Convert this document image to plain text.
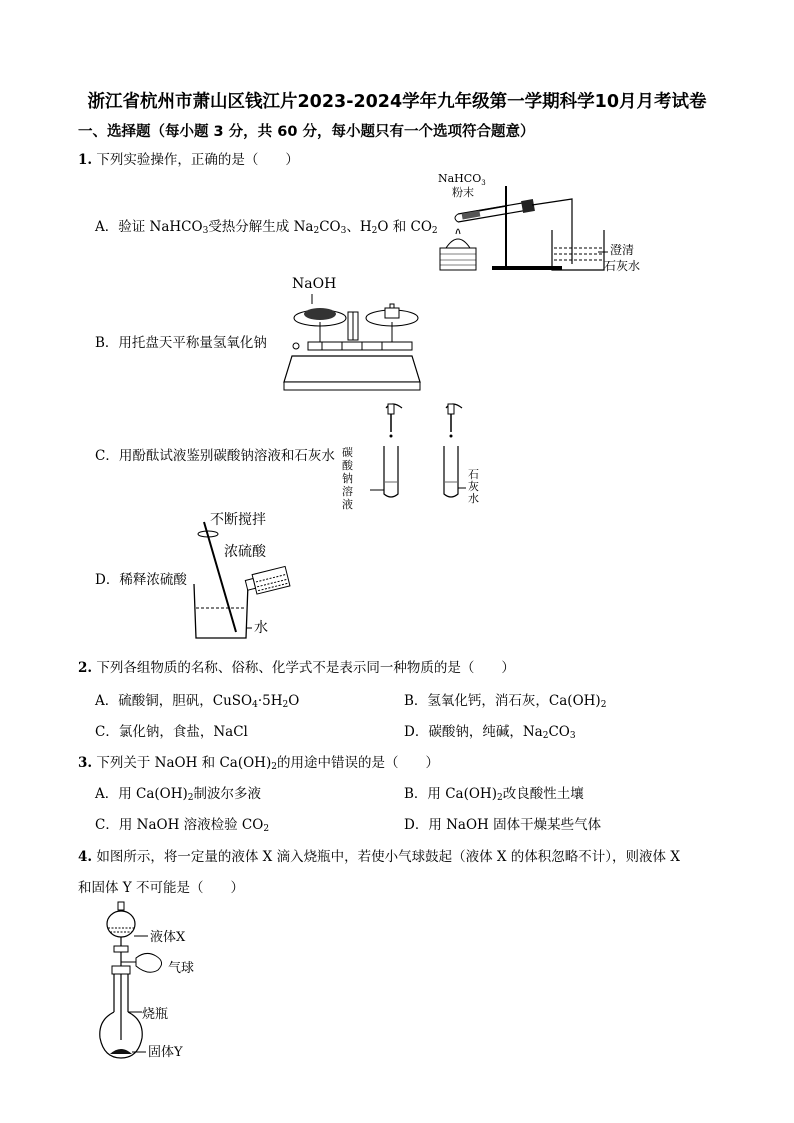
浙江省杭州市萧山区钱江片2023-2024学年九年级第一学期科学10月月考试卷
一、选择题（每小题 3 分，共 60 分，每小题只有一个选项符合题意）
1. 下列实验操作，正确的是（　　）
A．验证 NaHCO$_3$受热分解生成 $Na_2CO_3$、$H_2O$ 和 $CO_2$
NaHCO$_3$
粉末
澄清
石灰水
B．用托盘天平称量氢氧化钠
NaOH
C．用酚酞试液鉴别碳酸钠溶液和石灰水 碳
酸
钠
溶
液
石
灰
水
D．稀释浓硫酸
不断搅拌
浓硫酸
水
2. 下列各组物质的名称、俗称、化学式不是表示同一种物质的是（　　）
A．硫酸铜，胆矾，$CuSO_4\cdot 5H_2O$	B．氢氧化钙，消石灰，$Ca(OH)_2$
C．氯化钠，食盐，NaCl	D．碳酸钠，纯碱，$Na_2CO_3$
3. 下列关于 NaOH 和 $Ca(OH)_2$的用途中错误的是（　　）
A．用 $Ca(OH)_2$制波尔多液	B．用 $Ca(OH)_2$改良酸性土壤
C．用 NaOH 溶液检验 $CO_2$	D．用 NaOH 固体干燥某些气体
4. 如图所示，将一定量的液体 X 滴入烧瓶中，若使小气球鼓起（液体 X 的体积忽略不计），则液体 X
和固体 Y 不可能是（　　）
液体X
气球
烧瓶
固体Y
